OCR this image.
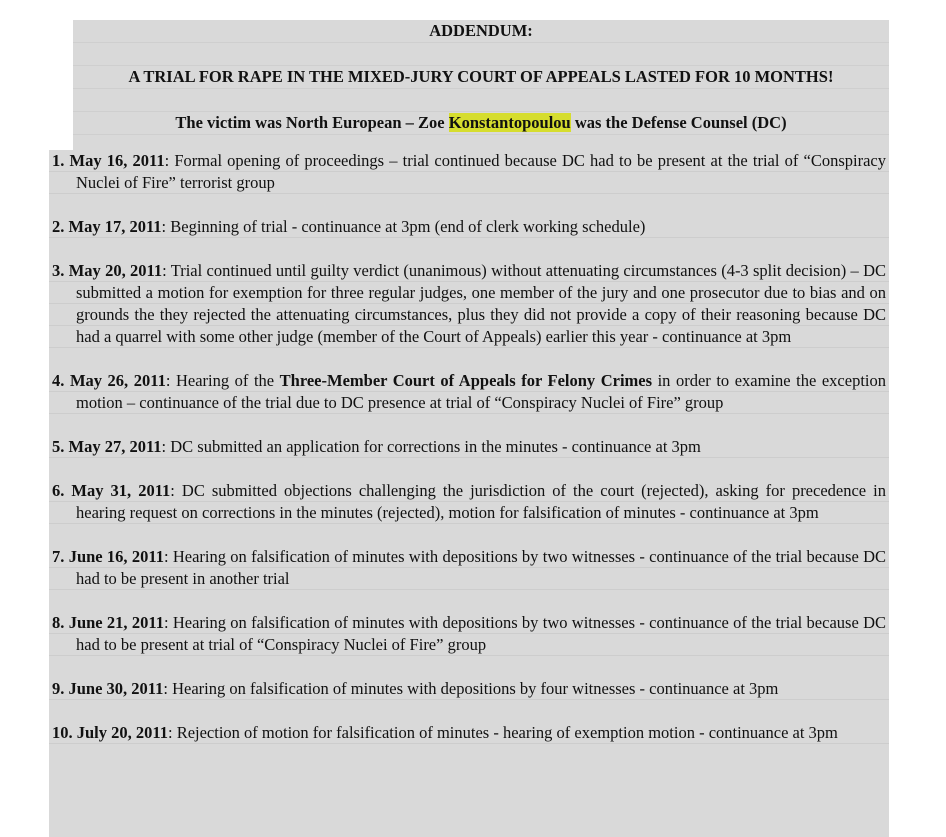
ADDENDUM:
A TRIAL FOR RAPE IN THE MIXED-JURY COURT OF APPEALS LASTED FOR 10 MONTHS!
The victim was North European – Zoe Konstantopoulou was the Defense Counsel (DC)

1. May 16, 2011: Formal opening of proceedings – trial continued because DC had to be present at the trial of “Conspiracy Nuclei of Fire” terrorist group

2. May 17, 2011: Beginning of trial - continuance at 3pm (end of clerk working schedule)

3. May 20, 2011: Trial continued until guilty verdict (unanimous) without attenuating circumstances (4-3 split decision) – DC submitted a motion for exemption for three regular judges, one member of the jury and one prosecutor due to bias and on grounds the they rejected the attenuating circumstances, plus they did not provide a copy of their reasoning because DC had a quarrel with some other judge (member of the Court of Appeals) earlier this year - continuance at 3pm

4. May 26, 2011: Hearing of the Three-Member Court of Appeals for Felony Crimes in order to examine the exception motion – continuance of the trial due to DC presence at trial of “Conspiracy Nuclei of Fire” group

5. May 27, 2011: DC submitted an application for corrections in the minutes - continuance at 3pm

6. May 31, 2011: DC submitted objections challenging the jurisdiction of the court (rejected), asking for precedence in hearing request on corrections in the minutes (rejected), motion for falsification of minutes - continuance at 3pm

7. June 16, 2011: Hearing on falsification of minutes with depositions by two witnesses - continuance of the trial because DC had to be present in another trial

8. June 21, 2011: Hearing on falsification of minutes with depositions by two witnesses - continuance of the trial because DC had to be present at trial of “Conspiracy Nuclei of Fire” group

9. June 30, 2011: Hearing on falsification of minutes with depositions by four witnesses - continuance at 3pm

10. July 20, 2011: Rejection of motion for falsification of minutes - hearing of exemption motion - continuance at 3pm
